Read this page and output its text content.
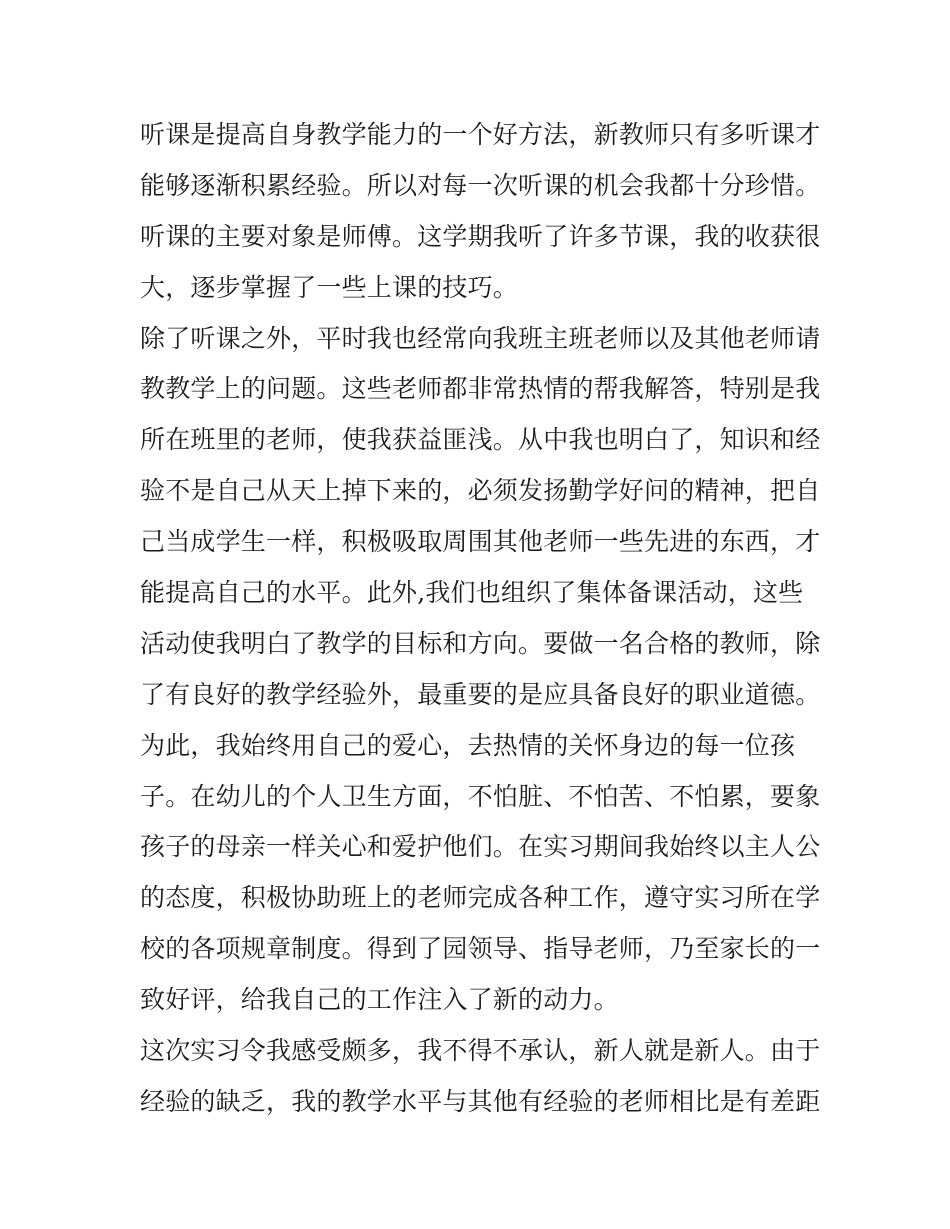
听课是提高自身教学能力的一个好方法，新教师只有多听课才
能够逐渐积累经验。所以对每一次听课的机会我都十分珍惜。
听课的主要对象是师傅。这学期我听了许多节课，我的收获很
大，逐步掌握了一些上课的技巧。
除了听课之外，平时我也经常向我班主班老师以及其他老师请
教教学上的问题。这些老师都非常热情的帮我解答，特别是我
所在班里的老师，使我获益匪浅。从中我也明白了，知识和经
验不是自己从天上掉下来的，必须发扬勤学好问的精神，把自
己当成学生一样，积极吸取周围其他老师一些先进的东西，才
能提高自己的水平。此外,我们也组织了集体备课活动，这些
活动使我明白了教学的目标和方向。要做一名合格的教师，除
了有良好的教学经验外，最重要的是应具备良好的职业道德。
为此，我始终用自己的爱心，去热情的关怀身边的每一位孩
子。在幼儿的个人卫生方面，不怕脏、不怕苦、不怕累，要象
孩子的母亲一样关心和爱护他们。在实习期间我始终以主人公
的态度，积极协助班上的老师完成各种工作，遵守实习所在学
校的各项规章制度。得到了园领导、指导老师，乃至家长的一
致好评，给我自己的工作注入了新的动力。
这次实习令我感受颇多，我不得不承认，新人就是新人。由于
经验的缺乏，我的教学水平与其他有经验的老师相比是有差距
